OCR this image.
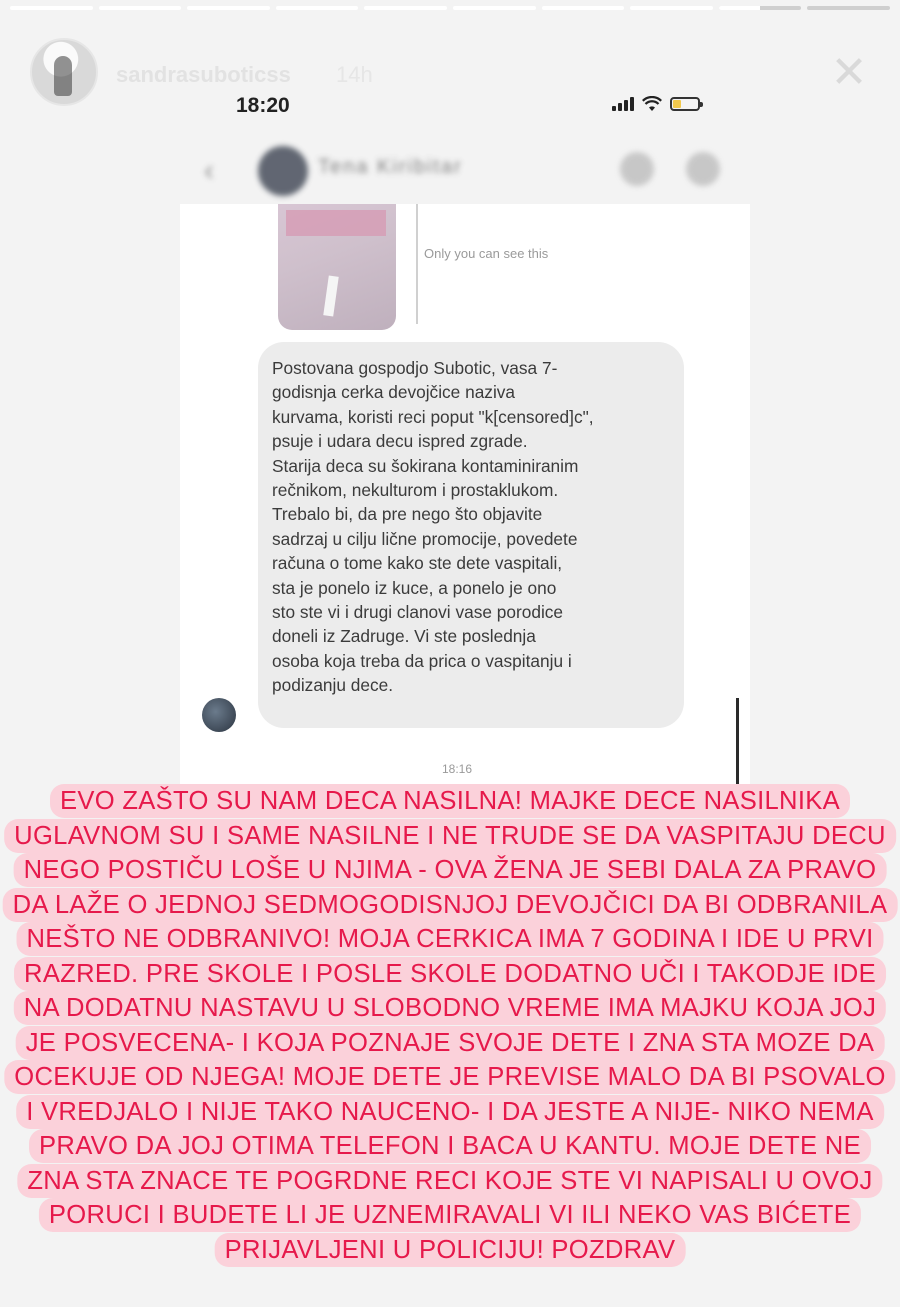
sandrasuboticss 14h	✕
18:20
‹	Tena Kiribitar
Only you can see this

Postovana gospodjo Subotic, vasa 7-
godisnja cerka devojčice naziva
kurvama, koristi reci poput "k[censored]c",
psuje i udara decu ispred zgrade.
Starija deca su šokirana kontaminiranim
rečnikom, nekulturom i prostaklukom.
Trebalo bi, da pre nego što objavite
sadrzaj u cilju lične promocije, povedete
računa o tome kako ste dete vaspitali,
sta je ponelo iz kuce, a ponelo je ono
sto ste vi i drugi clanovi vase porodice
doneli iz Zadruge. Vi ste poslednja
osoba koja treba da prica o vaspitanju i
podizanju dece.

18:16
EVO ZAŠTO SU NAM DECA NASILNA! MAJKE DECE NASILNIKA
UGLAVNOM SU I SAME NASILNE I NE TRUDE SE DA VASPITAJU DECU
NEGO POSTIČU LOŠE U NJIMA - OVA ŽENA JE SEBI DALA ZA PRAVO
DA LAŽE O JEDNOJ SEDMOGODISNJOJ DEVOJČICI DA BI ODBRANILA
NEŠTO NE ODBRANIVO! MOJA CERKICA IMA 7 GODINA I IDE U PRVI
RAZRED. PRE SKOLE I POSLE SKOLE DODATNO UČI I TAKODJE IDE
NA DODATNU NASTAVU U SLOBODNO VREME IMA MAJKU KOJA JOJ
JE POSVECENA- I KOJA POZNAJE SVOJE DETE I ZNA STA MOZE DA
OCEKUJE OD NJEGA! MOJE DETE JE PREVISE MALO DA BI PSOVALO
I VREDJALO I NIJE TAKO NAUCENO- I DA JESTE A NIJE- NIKO NEMA
PRAVO DA JOJ OTIMA TELEFON I BACA U KANTU. MOJE DETE NE
ZNA STA ZNACE TE POGRDNE RECI KOJE STE VI NAPISALI U OVOJ
PORUCI I BUDETE LI JE UZNEMIRAVALI VI ILI NEKO VAS BIĆETE
PRIJAVLJENI U POLICIJU! POZDRAV
